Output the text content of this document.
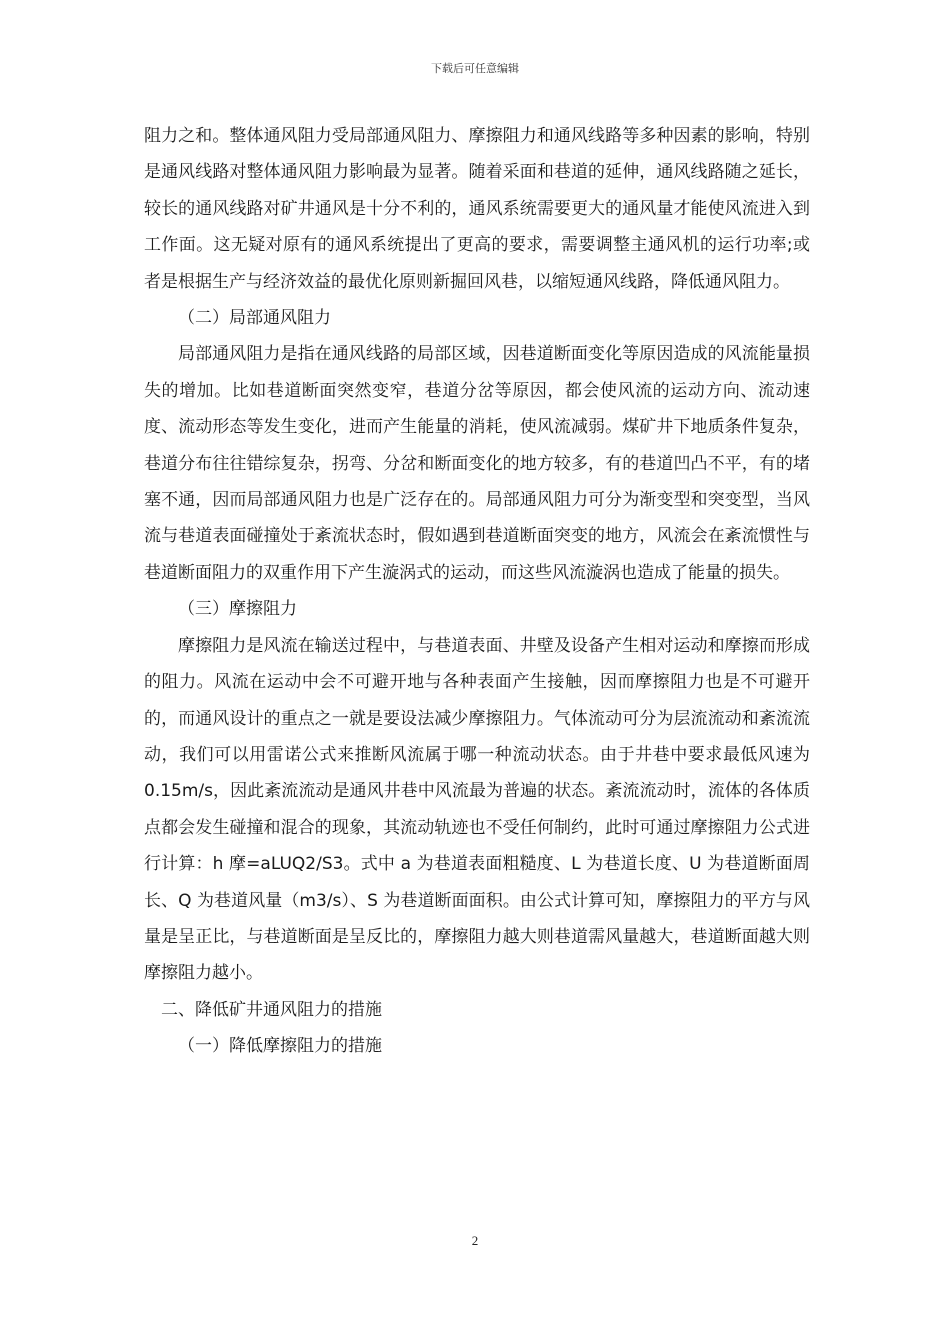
下载后可任意编辑

阻力之和。整体通风阻力受局部通风阻力、摩擦阻力和通风线路等多种因素的影响，特别是通风线路对整体通风阻力影响最为显著。随着采面和巷道的延伸，通风线路随之延长，较长的通风线路对矿井通风是十分不利的，通风系统需要更大的通风量才能使风流进入到工作面。这无疑对原有的通风系统提出了更高的要求，需要调整主通风机的运行功率;或者是根据生产与经济效益的最优化原则新掘回风巷，以缩短通风线路，降低通风阻力。

（二）局部通风阻力

局部通风阻力是指在通风线路的局部区域，因巷道断面变化等原因造成的风流能量损失的增加。比如巷道断面突然变窄，巷道分岔等原因，都会使风流的运动方向、流动速度、流动形态等发生变化，进而产生能量的消耗，使风流减弱。煤矿井下地质条件复杂，巷道分布往往错综复杂，拐弯、分岔和断面变化的地方较多，有的巷道凹凸不平，有的堵塞不通，因而局部通风阻力也是广泛存在的。局部通风阻力可分为渐变型和突变型，当风流与巷道表面碰撞处于紊流状态时，假如遇到巷道断面突变的地方，风流会在紊流惯性与巷道断面阻力的双重作用下产生漩涡式的运动，而这些风流漩涡也造成了能量的损失。

（三）摩擦阻力

摩擦阻力是风流在输送过程中，与巷道表面、井壁及设备产生相对运动和摩擦而形成的阻力。风流在运动中会不可避开地与各种表面产生接触，因而摩擦阻力也是不可避开的，而通风设计的重点之一就是要设法减少摩擦阻力。气体流动可分为层流流动和紊流流动，我们可以用雷诺公式来推断风流属于哪一种流动状态。由于井巷中要求最低风速为 0.15m/s，因此紊流流动是通风井巷中风流最为普遍的状态。紊流流动时，流体的各体质点都会发生碰撞和混合的现象，其流动轨迹也不受任何制约，此时可通过摩擦阻力公式进行计算：h 摩=aLUQ2/S3。式中 a 为巷道表面粗糙度、L 为巷道长度、U 为巷道断面周长、Q 为巷道风量（m3/s）、S 为巷道断面面积。由公式计算可知，摩擦阻力的平方与风量是呈正比，与巷道断面是呈反比的，摩擦阻力越大则巷道需风量越大，巷道断面越大则摩擦阻力越小。

二、降低矿井通风阻力的措施

（一）降低摩擦阻力的措施

2
